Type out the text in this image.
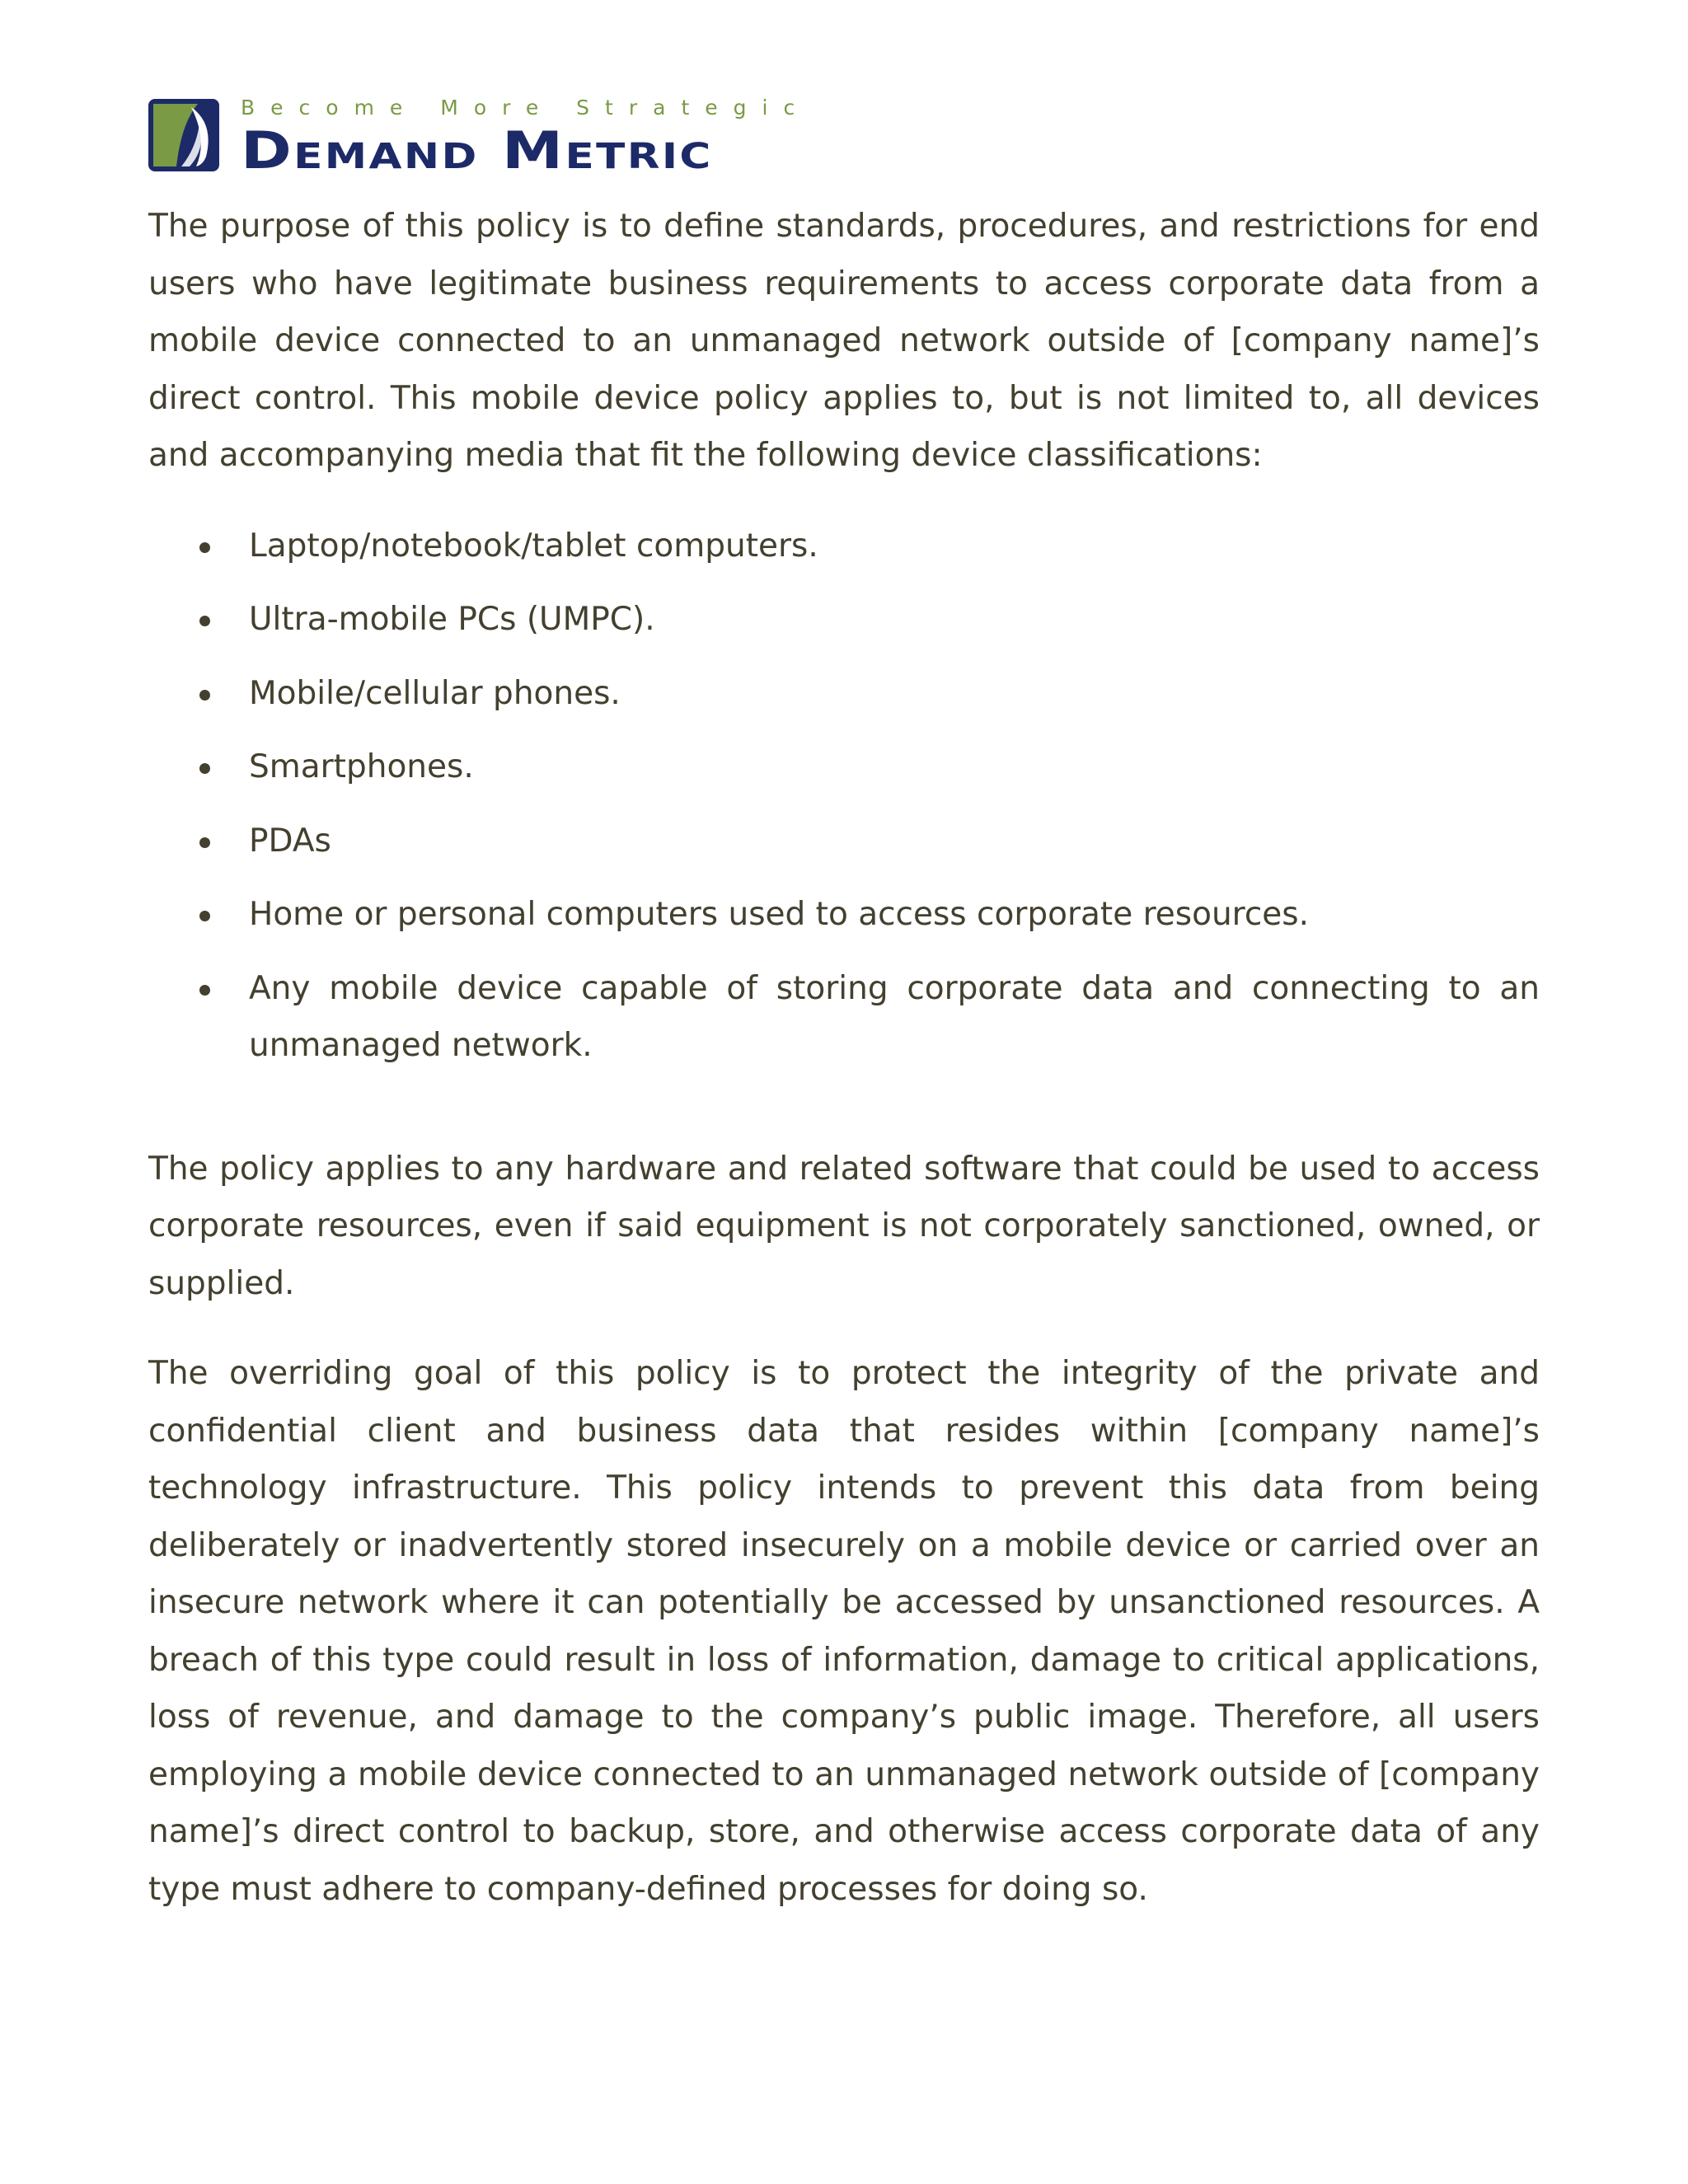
Become More Strategic
Demand Metric

The purpose of this policy is to define standards, procedures, and restrictions for end users who have legitimate business requirements to access corporate data from a mobile device connected to an unmanaged network outside of [company name]’s direct control. This mobile device policy applies to, but is not limited to, all devices and accompanying media that fit the following device classifications:

Laptop/notebook/tablet computers.
Ultra-mobile PCs (UMPC).
Mobile/cellular phones.
Smartphones.
PDAs
Home or personal computers used to access corporate resources.
Any mobile device capable of storing corporate data and connecting to an unmanaged network.

The policy applies to any hardware and related software that could be used to access corporate resources, even if said equipment is not corporately sanctioned, owned, or supplied.

The overriding goal of this policy is to protect the integrity of the private and confidential client and business data that resides within [company name]’s technology infrastructure. This policy intends to prevent this data from being deliberately or inadvertently stored insecurely on a mobile device or carried over an insecure network where it can potentially be accessed by unsanctioned resources. A breach of this type could result in loss of information, damage to critical applications, loss of revenue, and damage to the company’s public image. Therefore, all users employing a mobile device connected to an unmanaged network outside of [company name]’s direct control to backup, store, and otherwise access corporate data of any type must adhere to company-defined processes for doing so.
